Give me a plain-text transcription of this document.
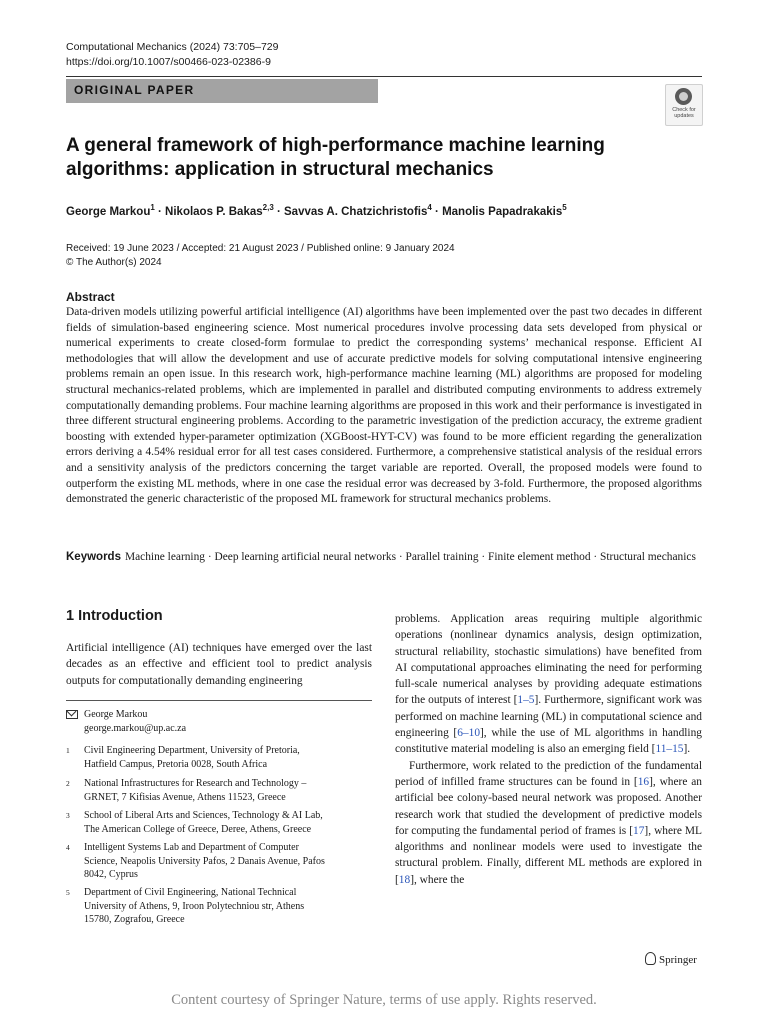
Computational Mechanics (2024) 73:705–729
https://doi.org/10.1007/s00466-023-02386-9
ORIGINAL PAPER
Check for
updates
A general framework of high-performance machine learning algorithms: application in structural mechanics
George Markou$^1$ · Nikolaos P. Bakas$^{2,3}$ · Savvas A. Chatzichristofis$^4$ · Manolis Papadrakakis$^5$
Received: 19 June 2023 / Accepted: 21 August 2023 / Published online: 9 January 2024
© The Author(s) 2024
Abstract

Data-driven models utilizing powerful artificial intelligence (AI) algorithms have been implemented over the past two decades in different fields of simulation-based engineering science. Most numerical procedures involve processing data sets developed from physical or numerical experiments to create closed-form formulae to predict the corresponding systems’ mechanical response. Efficient AI methodologies that will allow the development and use of accurate predictive models for solving computational intensive engineering problems remain an open issue. In this research work, high-performance machine learning (ML) algorithms are proposed for modeling structural mechanics-related problems, which are implemented in parallel and distributed computing environments to address extremely computationally demanding problems. Four machine learning algorithms are proposed in this work and their performance is investigated in three different structural engineering problems. According to the parametric investigation of the prediction accuracy, the extreme gradient boosting with extended hyper-parameter optimization (XGBoost-HYT-CV) was found to be more efficient regarding the generalization errors deriving a 4.54% residual error for all test cases considered. Furthermore, a comprehensive statistical analysis of the residual errors and a sensitivity analysis of the predictors concerning the target variable are reported. Overall, the proposed models were found to outperform the existing ML methods, where in one case the residual error was decreased by 3-fold. Furthermore, the proposed algorithms demonstrated the generic characteristic of the proposed ML framework for structural mechanics problems.

Keywords Machine learning · Deep learning artificial neural networks · Parallel training · Finite element method · Structural mechanics
1 Introduction

Artificial intelligence (AI) techniques have emerged over the last decades as an effective and efficient tool to predict analysis outputs for computationally demanding engineering

George Markou
george.markou@up.ac.za
1 Civil Engineering Department, University of Pretoria,
Hatfield Campus, Pretoria 0028, South Africa
2 National Infrastructures for Research and Technology –
GRNET, 7 Kifisias Avenue, Athens 11523, Greece
3 School of Liberal Arts and Sciences, Technology & AI Lab,
The American College of Greece, Deree, Athens, Greece
4 Intelligent Systems Lab and Department of Computer
Science, Neapolis University Pafos, 2 Danais Avenue, Pafos
8042, Cyprus
5 Department of Civil Engineering, National Technical
University of Athens, 9, Iroon Polytechniou str, Athens
15780, Zografou, Greece

problems. Application areas requiring multiple algorithmic operations (nonlinear dynamics analysis, design optimization, structural reliability, stochastic simulations) have benefited from AI computational approaches eliminating the need for performing full-scale numerical analyses by providing adequate estimations for the outputs of interest [1–5]. Furthermore, significant work was performed on machine learning (ML) in computational science and engineering [6–10], while the use of ML algorithms in handling constitutive material modeling is also an emerging field [11–15].

Furthermore, work related to the prediction of the fundamental period of infilled frame structures can be found in [16], where an artificial bee colony-based neural network was proposed. Another research work that studied the development of predictive models for computing the fundamental period of frames is [17], where ML algorithms and nonlinear models were used to investigate the structural problem. Finally, different ML methods are explored in [18], where the

Springer
Content courtesy of Springer Nature, terms of use apply. Rights reserved.
